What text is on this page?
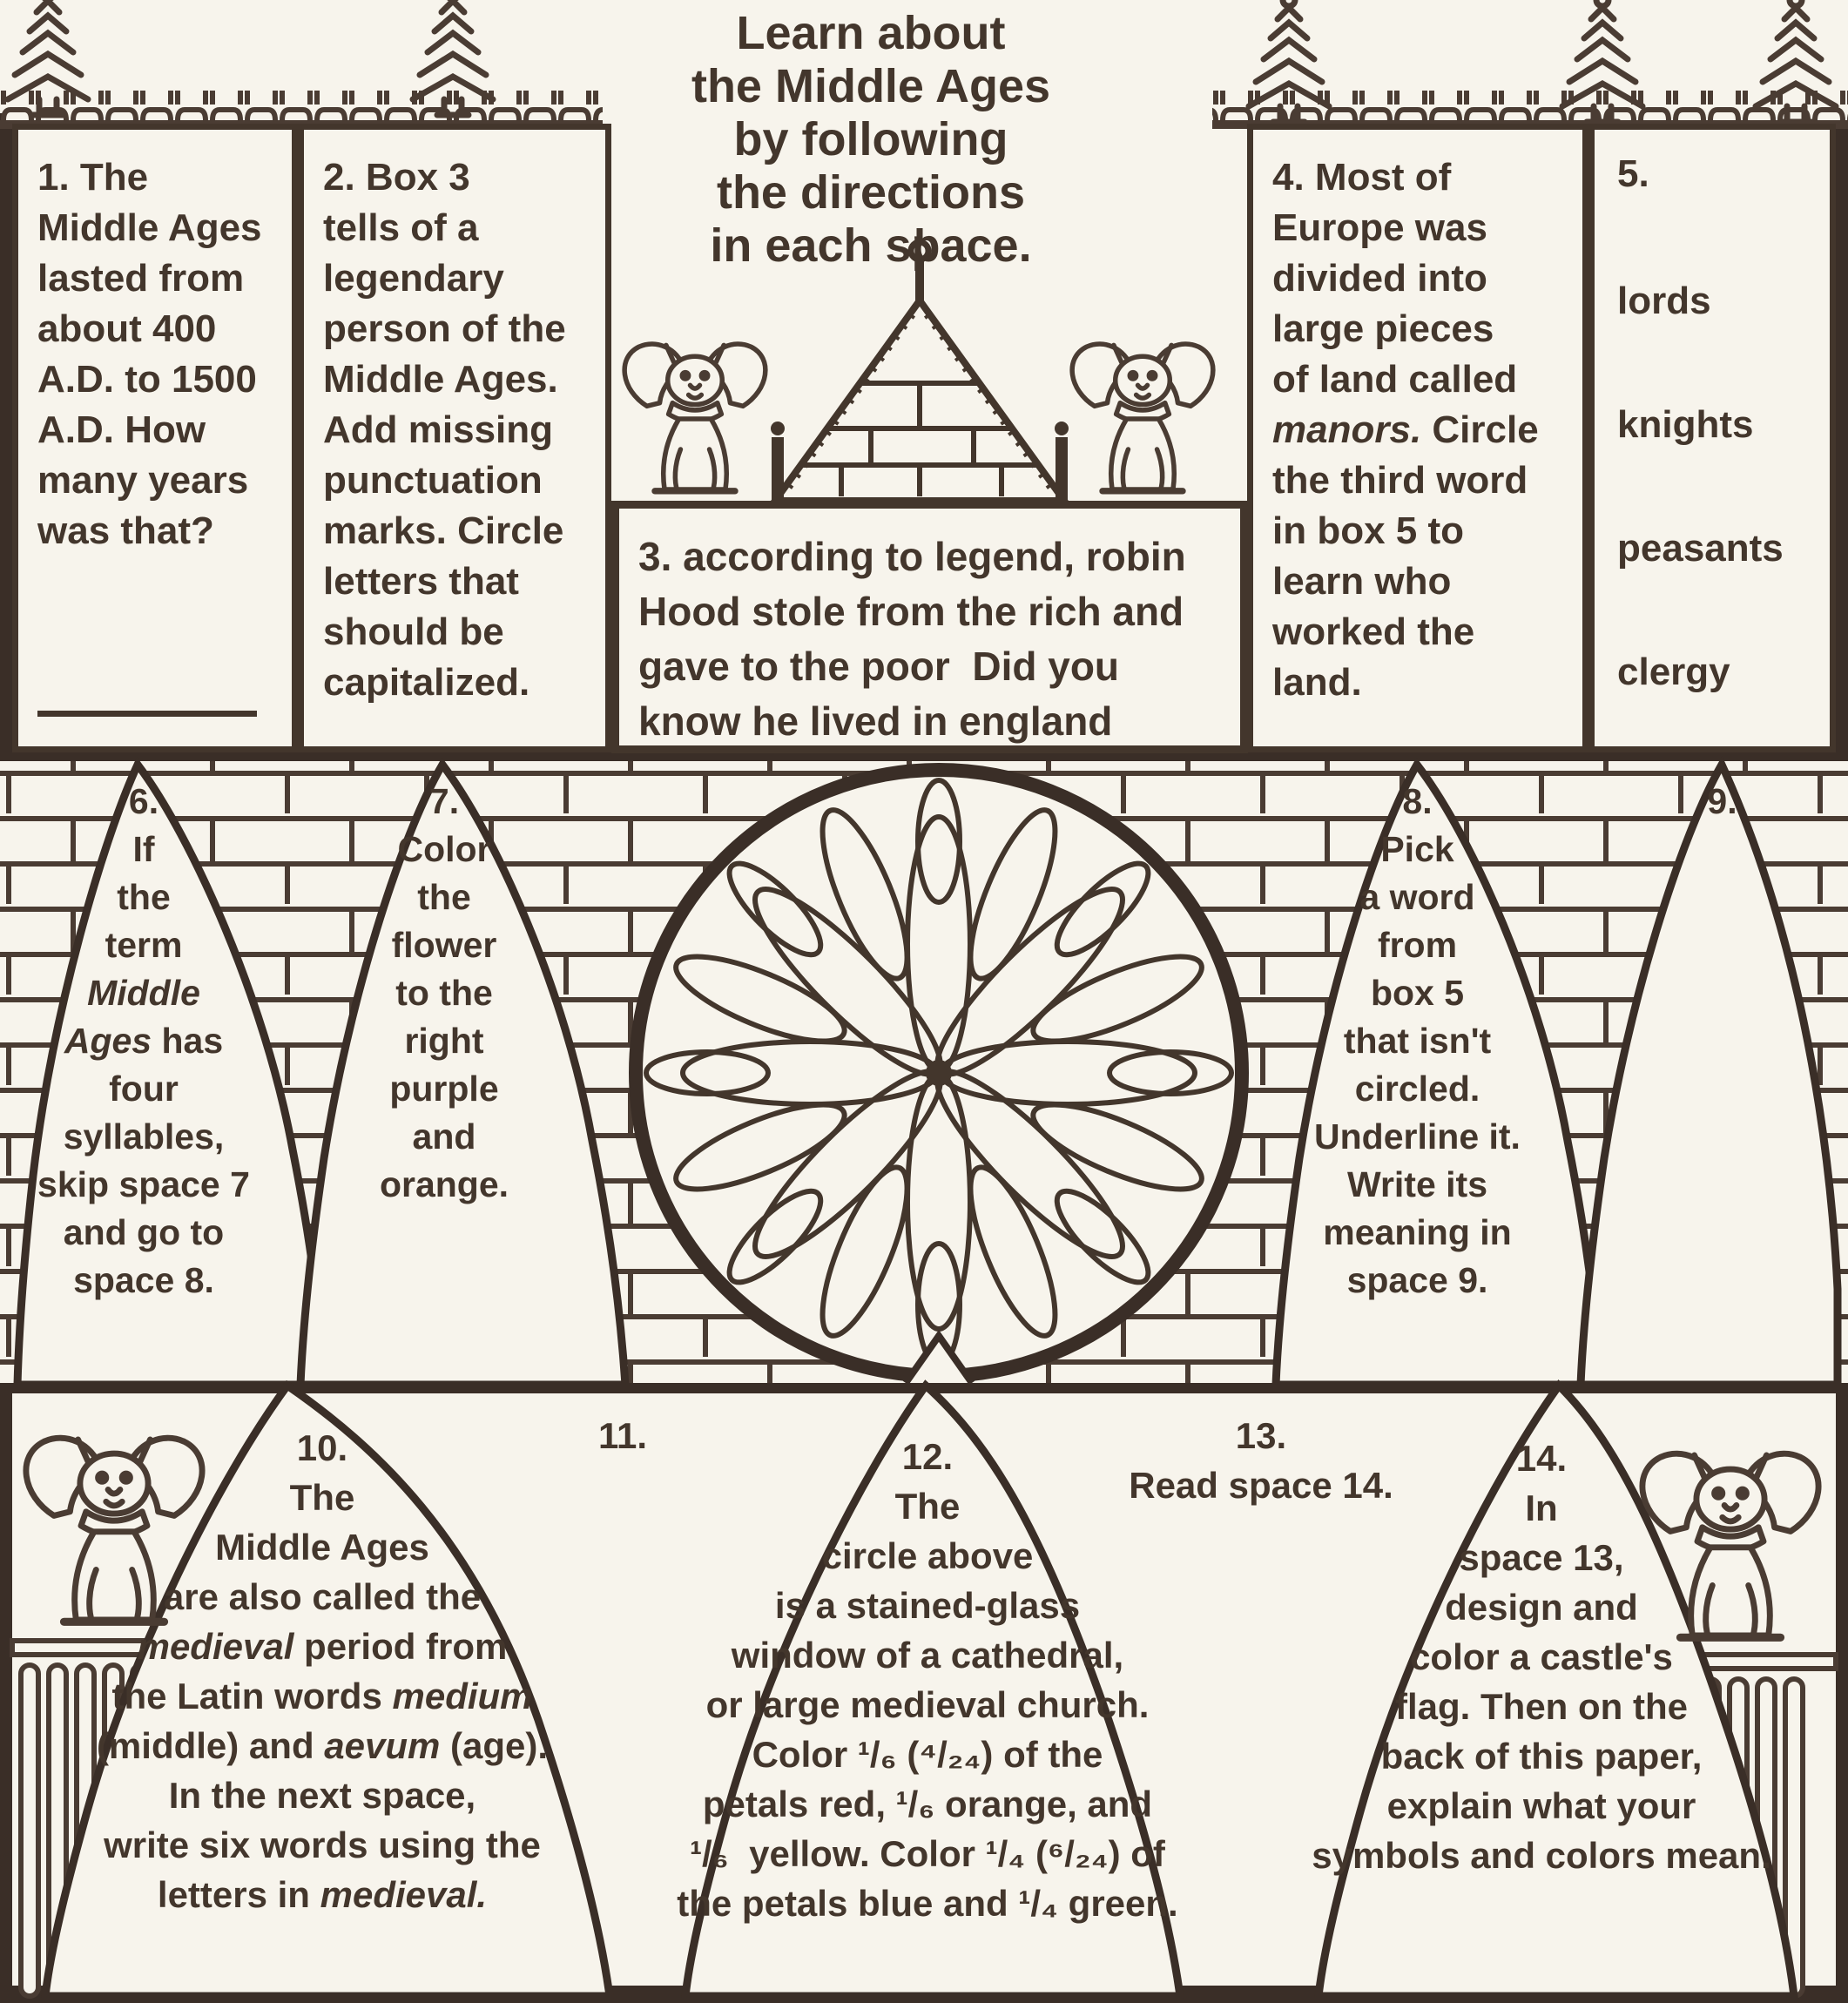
Learn about
the Middle Ages
by following
the directions
in each space.
1. The
Middle Ages
lasted from
about 400
A.D. to 1500
A.D. How
many years
was that?
2. Box 3
tells of a
legendary
person of the
Middle Ages.
Add missing
punctuation
marks. Circle
letters that
should be
capitalized.
3. according to legend, robin
Hood stole from the rich and
gave to the poor  Did you
know he lived in england
4. Most of
Europe was
divided into
large pieces
of land called
manors. Circle
the third word
in box 5 to
learn who
worked the
land.
5.
lords
knights
peasants
clergy
6.
If
the
term
Middle
Ages has
four
syllables,
skip space 7
and go to
space 8.
7.
Color
the
flower
to the
right
purple
and
orange.
8.
Pick
a word
from
box 5
that isn't
circled.
Underline it.
Write its
meaning in
space 9.
9.
10.
The
Middle Ages
are also called the
medieval period from
the Latin words medium
(middle) and aevum (age).
In the next space,
write six words using the
letters in medieval.
11.
12.
The
circle above
is a stained-glass
window of a cathedral,
or large medieval church.
Color ¹/₆ (⁴/₂₄) of the
petals red, ¹/₆ orange, and
¹/₆  yellow. Color ¹/₄ (⁶/₂₄) of
the petals blue and ¹/₄ green.
13.
Read space 14.
14.
In
space 13,
design and
color a castle's
flag. Then on the
back of this paper,
explain what your
symbols and colors mean.
